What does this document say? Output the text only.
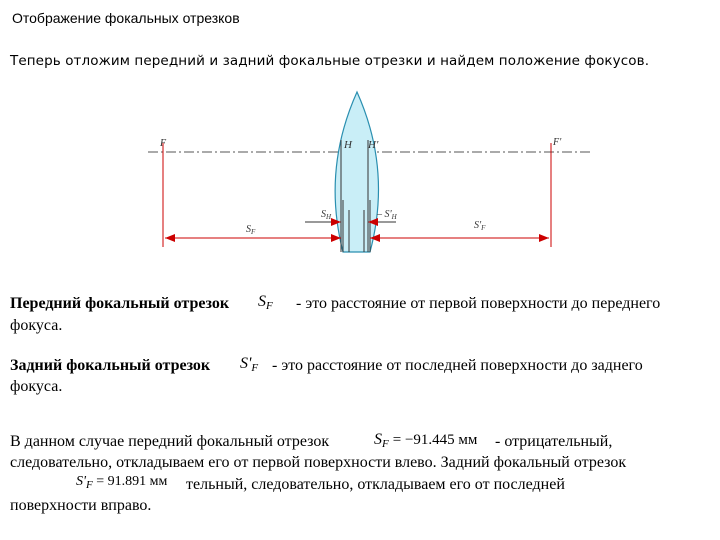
Отображение фокальных отрезков
Теперь отложим передний и задний фокальные отрезки и найдем положение фокусов.
F	H H'	F'
$S_H$	– $S'_H$
$S_F$
$S'_F$
Передний фокальный отрезок $S_F$ - это расстояние от первой поверхности до переднего
фокуса.
Задний фокальный отрезок $S'_F$ - это расстояние от последней поверхности до заднего
фокуса.
В данном случае передний фокальный отрезок	$S_F = -91.445$ мм - отрицательный,
следовательно, откладываем его от первой поверхности влево. Задний фокальный отрезок
$S'_F = 91.891$ мм тельный, следовательно, откладываем его от последней
поверхности вправо.
